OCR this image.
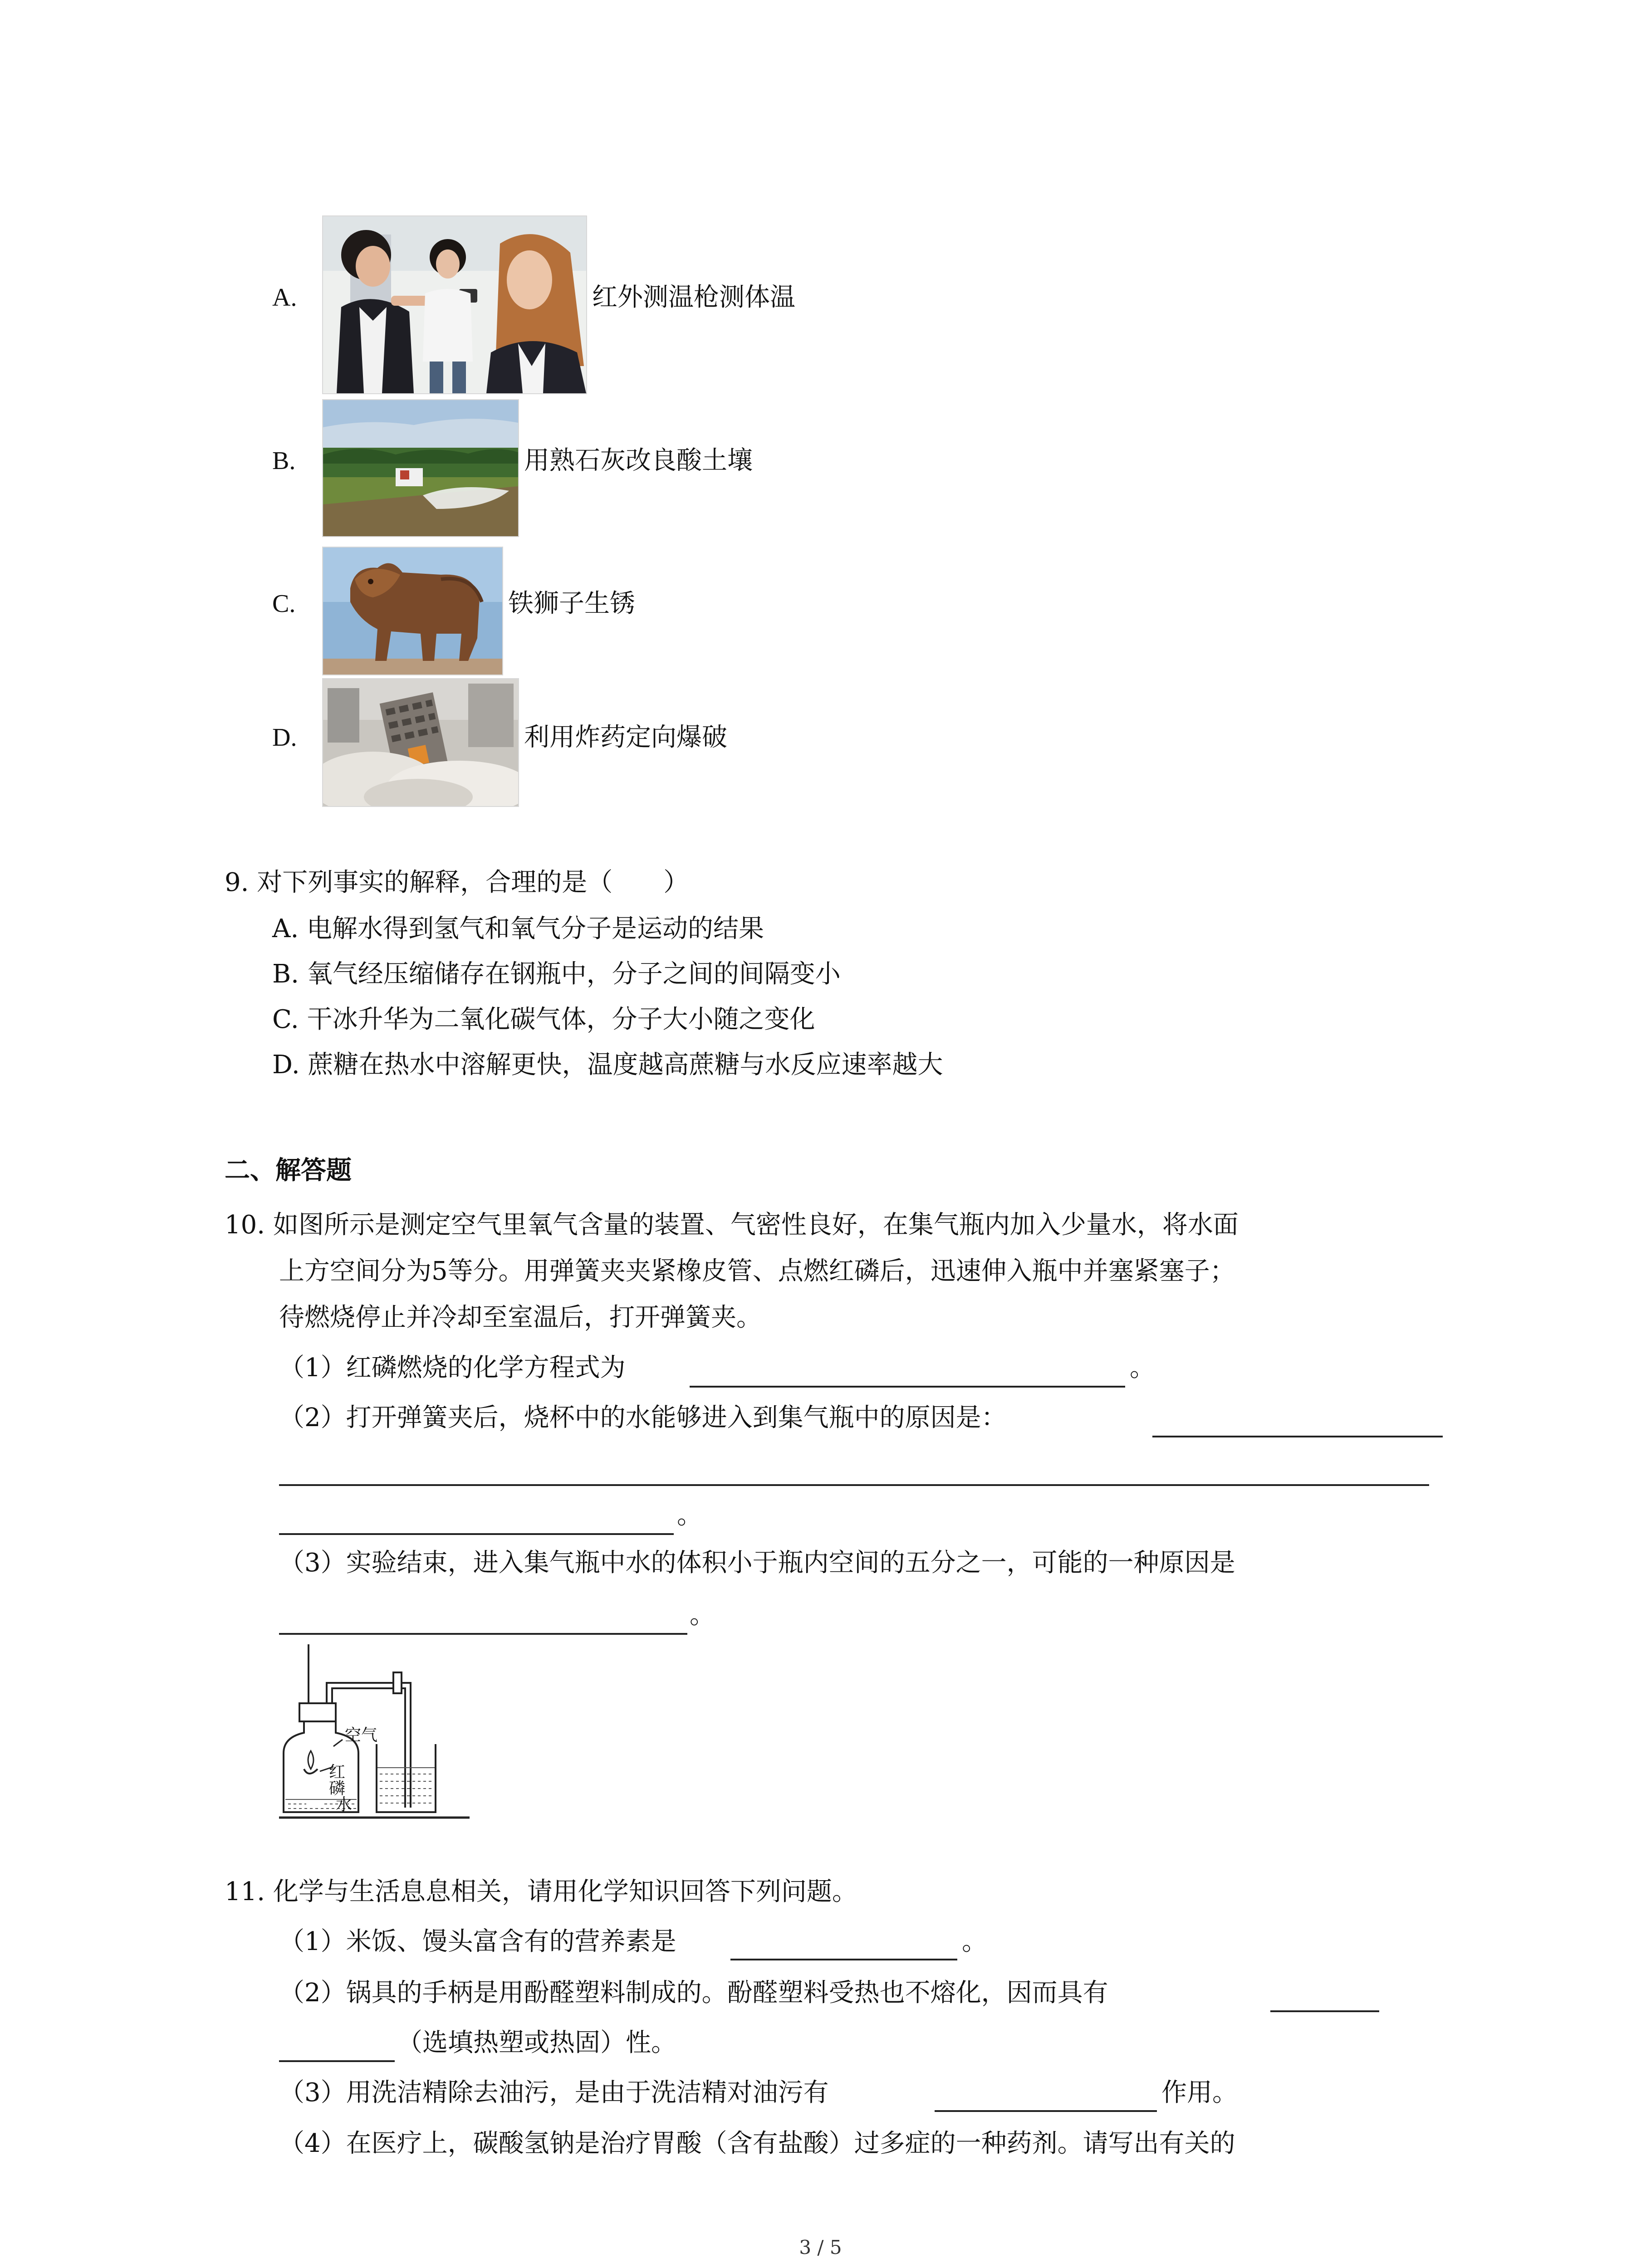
A.	红外测温枪测体温
B.	用熟石灰改良酸土壤
C.	铁狮子生锈
D.	利用炸药定向爆破
9. 对下列事实的解释，合理的是（　　）
A. 电解水得到氢气和氧气分子是运动的结果
B. 氧气经压缩储存在钢瓶中，分子之间的间隔变小
C. 干冰升华为二氧化碳气体，分子大小随之变化
D. 蔗糖在热水中溶解更快，温度越高蔗糖与水反应速率越大
二、解答题
10. 如图所示是测定空气里氧气含量的装置、气密性良好，在集气瓶内加入少量水，将水面
上方空间分为5等分。用弹簧夹夹紧橡皮管、点燃红磷后，迅速伸入瓶中并塞紧塞子；
待燃烧停止并冷却至室温后，打开弹簧夹。
（1）红磷燃烧的化学方程式为	。
（2）打开弹簧夹后，烧杯中的水能够进入到集气瓶中的原因是：
。
（3）实验结束，进入集气瓶中水的体积小于瓶内空间的五分之一，可能的一种原因是
。
空气
红磷
水
11. 化学与生活息息相关，请用化学知识回答下列问题。
（1）米饭、馒头富含有的营养素是	。
（2）锅具的手柄是用酚醛塑料制成的。酚醛塑料受热也不熔化，因而具有
（选填热塑或热固）性。
（3）用洗洁精除去油污，是由于洗洁精对油污有	作用。
（4）在医疗上，碳酸氢钠是治疗胃酸（含有盐酸）过多症的一种药剂。请写出有关的
3 / 5
